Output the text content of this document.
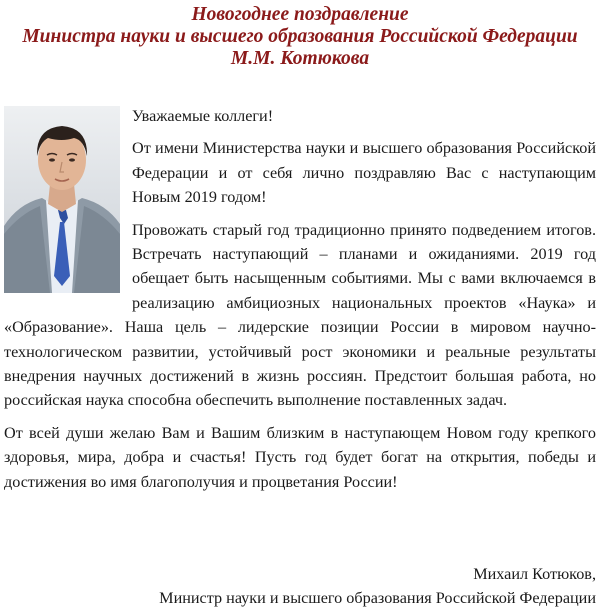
Новогоднее поздравление
Министра науки и высшего образования Российской Федерации
М.М. Котюкова

Уважаемые коллеги!

От имени Министерства науки и высшего образования Российской Федерации и от себя лично поздравляю Вас с наступающим Новым 2019 годом!

Провожать старый год традиционно принято подведением итогов. Встречать наступающий – планами и ожиданиями. 2019 год обещает быть насыщенным событиями. Мы с вами включаемся в реализацию амбициозных национальных проектов «Наука» и «Образование». Наша цель – лидерские позиции России в мировом научно-технологическом развитии, устойчивый рост экономики и реальные результаты внедрения научных достижений в жизнь россиян. Предстоит большая работа, но российская наука способна обеспечить выполнение поставленных задач.

От всей души желаю Вам и Вашим близким в наступающем Новом году крепкого здоровья, мира, добра и счастья! Пусть год будет богат на открытия, победы и достижения во имя благополучия и процветания России!

Михаил Котюков,
Министр науки и высшего образования Российской Федерации
